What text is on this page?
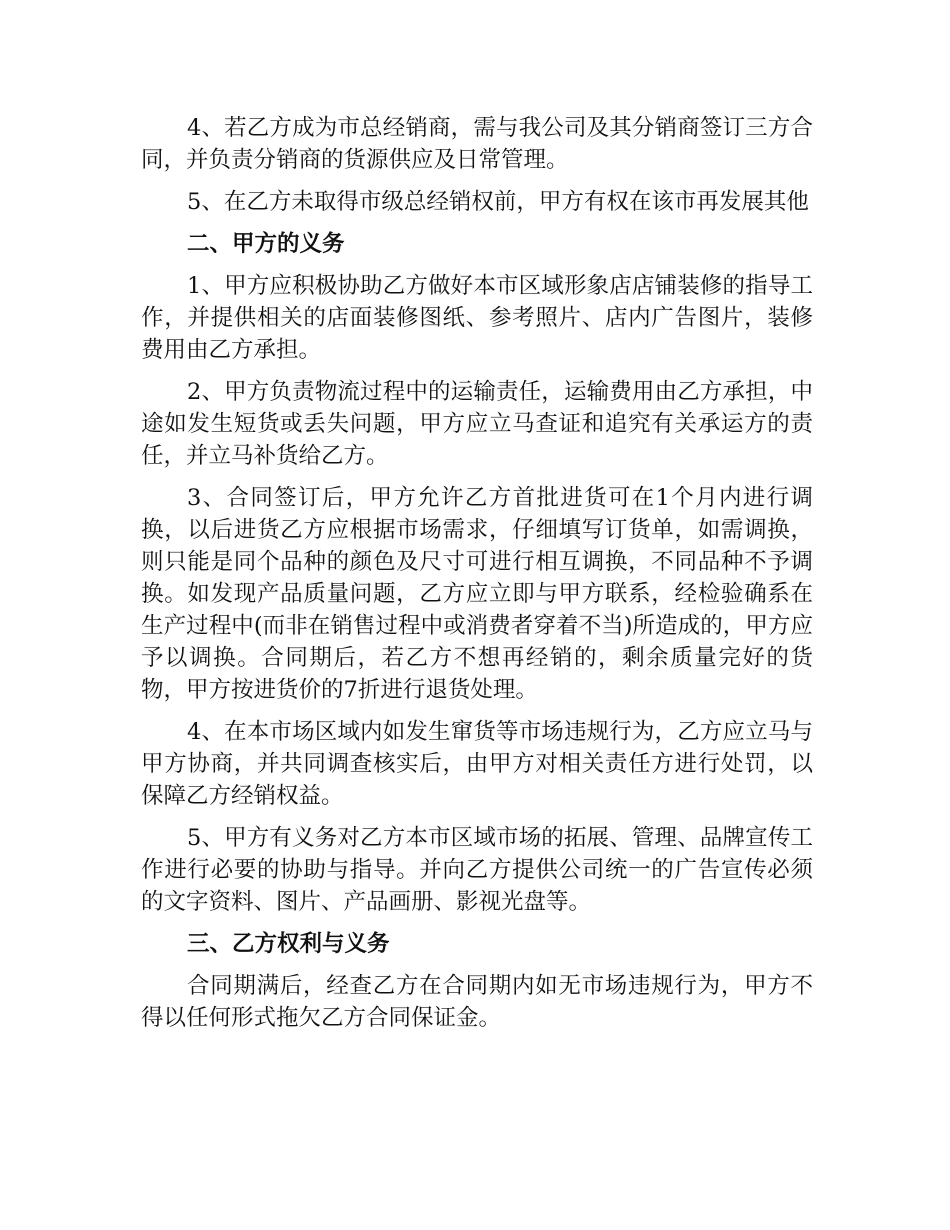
4、若乙方成为市总经销商，需与我公司及其分销商签订三方合同，并负责分销商的货源供应及日常管理。

5、在乙方未取得市级总经销权前，甲方有权在该市再发展其他

二、甲方的义务

1、甲方应积极协助乙方做好本市区域形象店店铺装修的指导工作，并提供相关的店面装修图纸、参考照片、店内广告图片，装修费用由乙方承担。

2、甲方负责物流过程中的运输责任，运输费用由乙方承担，中途如发生短货或丢失问题，甲方应立马查证和追究有关承运方的责任，并立马补货给乙方。

3、合同签订后，甲方允许乙方首批进货可在1个月内进行调换，以后进货乙方应根据市场需求，仔细填写订货单，如需调换，则只能是同个品种的颜色及尺寸可进行相互调换，不同品种不予调换。如发现产品质量问题，乙方应立即与甲方联系，经检验确系在生产过程中(而非在销售过程中或消费者穿着不当)所造成的，甲方应予以调换。合同期后，若乙方不想再经销的，剩余质量完好的货物，甲方按进货价的7折进行退货处理。

4、在本市场区域内如发生窜货等市场违规行为，乙方应立马与甲方协商，并共同调查核实后，由甲方对相关责任方进行处罚，以保障乙方经销权益。

5、甲方有义务对乙方本市区域市场的拓展、管理、品牌宣传工作进行必要的协助与指导。并向乙方提供公司统一的广告宣传必须的文字资料、图片、产品画册、影视光盘等。

三、乙方权利与义务

合同期满后，经查乙方在合同期内如无市场违规行为，甲方不得以任何形式拖欠乙方合同保证金。
